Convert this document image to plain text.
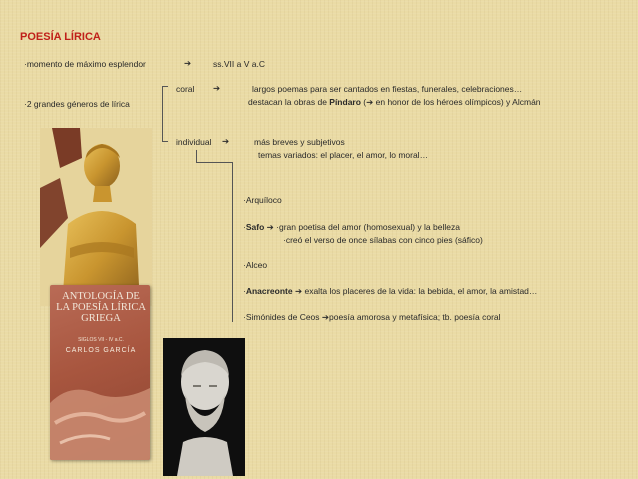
POESÍA LÍRICA
·momento de máximo esplendor	➔	ss.VII a V a.C
·2 grandes géneros de lírica
coral ➔	largos poemas para ser cantados en fiestas, funerales, celebraciones…
destacan la obras de Píndaro (➔ en honor de los héroes olímpicos) y Alcmán
individual ➔	más breves y subjetivos
temas variados: el placer, el amor, lo moral…
·Arquíloco
·Safo ➔ ·gran poetisa del amor (homosexual) y la belleza
·creó el verso de once sílabas con cinco pies (sáfico)
·Alceo
·Anacreonte ➔ exalta los placeres de la vida: la bebida, el amor, la amistad…
·Simónides de Ceos ➔poesía amorosa y metafísica; tb. poesía coral
ANTOLOGÍA DE LA POESÍA LÍRICA GRIEGA
SIGLOS VII - IV a.C.
CARLOS GARCÍA
